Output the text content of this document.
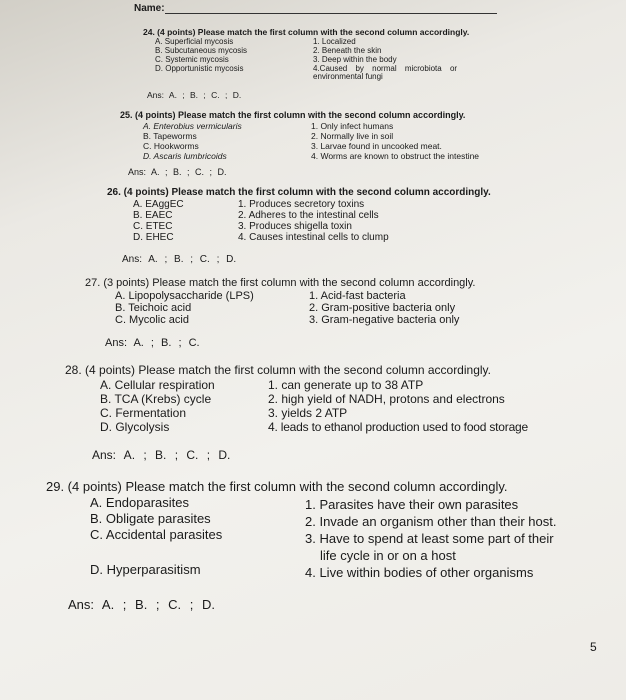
Name:
24. (4 points) Please match the first column with the second column accordingly.
A. Superficial mycosis
B. Subcutaneous mycosis
C. Systemic mycosis
D. Opportunistic mycosis
1. Localized
2. Beneath the skin
3. Deep within the body
4.Caused by normal microbiota or
environmental fungi
Ans: A. ; B. ; C. ; D.
25. (4 points) Please match the first column with the second column accordingly.
A. Enterobius vermicularis
B. Tapeworms
C. Hookworms
D. Ascaris lumbricoids
1. Only infect humans
2. Normally live in soil
3. Larvae found in uncooked meat.
4. Worms are known to obstruct the intestine
Ans: A. ; B. ; C. ; D.
26. (4 points) Please match the first column with the second column accordingly.
A. EAggEC
B. EAEC
C. ETEC
D. EHEC
1. Produces secretory toxins
2. Adheres to the intestinal cells
3. Produces shigella toxin
4. Causes intestinal cells to clump
Ans: A. ; B. ; C. ; D.
27. (3 points) Please match the first column with the second column accordingly.
A. Lipopolysaccharide (LPS)
B. Teichoic acid
C. Mycolic acid
1. Acid-fast bacteria
2. Gram-positive bacteria only
3. Gram-negative bacteria only
Ans: A. ; B. ; C.
28. (4 points) Please match the first column with the second column accordingly.
A. Cellular respiration
B. TCA (Krebs) cycle
C. Fermentation
D. Glycolysis
1. can generate up to 38 ATP
2. high yield of NADH, protons and electrons
3. yields 2 ATP
4. leads to ethanol production used to food storage
Ans: A. ; B. ; C. ; D.
29. (4 points) Please match the first column with the second column accordingly.
A. Endoparasites
B. Obligate parasites
C. Accidental parasites
D. Hyperparasitism
1. Parasites have their own parasites
2. Invade an organism other than their host.
3. Have to spend at least some part of their
life cycle in or on a host
4. Live within bodies of other organisms
Ans: A. ; B. ; C. ; D.
5
